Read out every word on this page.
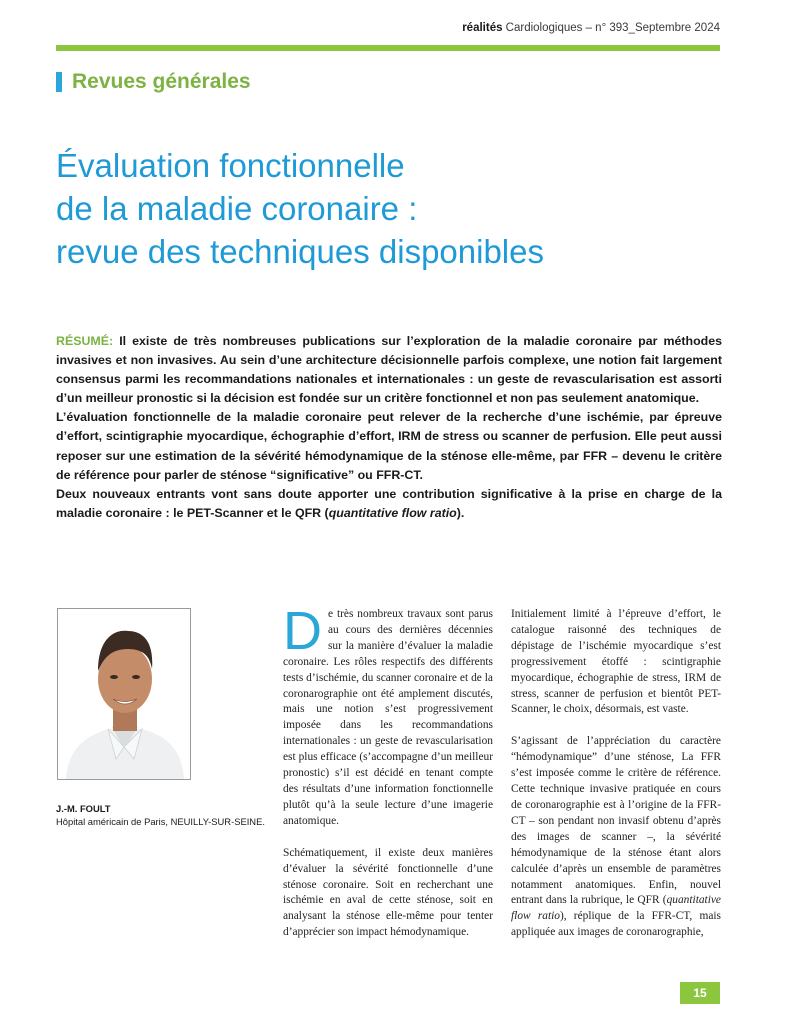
réalités Cardiologiques – n° 393_Septembre 2024
Revues générales
Évaluation fonctionnelle
de la maladie coronaire :
revue des techniques disponibles

RÉSUMÉ: Il existe de très nombreuses publications sur l’exploration de la maladie coronaire par méthodes invasives et non invasives. Au sein d’une architecture décisionnelle parfois complexe, une notion fait largement consensus parmi les recommandations nationales et internationales : un geste de revascularisation est assorti d’un meilleur pronostic si la décision est fondée sur un critère fonctionnel et non pas seulement anatomique.

L’évaluation fonctionnelle de la maladie coronaire peut relever de la recherche d’une ischémie, par épreuve d’effort, scintigraphie myocardique, échographie d’effort, IRM de stress ou scanner de perfusion. Elle peut aussi reposer sur une estimation de la sévérité hémodynamique de la sténose elle-même, par FFR – devenu le critère de référence pour parler de sténose “significative” ou FFR-CT.

Deux nouveaux entrants vont sans doute apporter une contribution significative à la prise en charge de la maladie coronaire : le PET-Scanner et le QFR (quantitative flow ratio).

J.-M. FOULT
Hôpital américain de Paris, NEUILLY-SUR-SEINE.

De très nombreux travaux sont parus au cours des dernières décennies sur la manière d’évaluer la maladie coronaire. Les rôles respectifs des différents tests d’ischémie, du scanner coronaire et de la coronarographie ont été amplement discutés, mais une notion s’est progressivement imposée dans les recommandations internationales : un geste de revascularisation est plus efficace (s’accompagne d’un meilleur pronostic) s’il est décidé en tenant compte des résultats d’une information fonctionnelle plutôt qu’à la seule lecture d’une imagerie anatomique.

Schématiquement, il existe deux manières d’évaluer la sévérité fonctionnelle d’une sténose coronaire. Soit en recherchant une ischémie en aval de cette sténose, soit en analysant la sténose elle-même pour tenter d’apprécier son impact hémodynamique.

Initialement limité à l’épreuve d’effort, le catalogue raisonné des techniques de dépistage de l’ischémie myocardique s’est progressivement étoffé : scintigraphie myocardique, échographie de stress, IRM de stress, scanner de perfusion et bientôt PET- Scanner, le choix, désormais, est vaste.

S’agissant de l’appréciation du caractère “hémodynamique” d’une sténose, La FFR s’est imposée comme le critère de référence. Cette technique invasive pratiquée en cours de coronarographie est à l’origine de la FFR-CT – son pendant non invasif obtenu d’après des images de scanner –, la sévérité hémodynamique de la sténose étant alors calculée d’après un ensemble de paramètres notamment anatomiques. Enfin, nouvel entrant dans la rubrique, le QFR (quantitative flow ratio), réplique de la FFR-CT, mais appliquée aux images de coronarographie,

15
